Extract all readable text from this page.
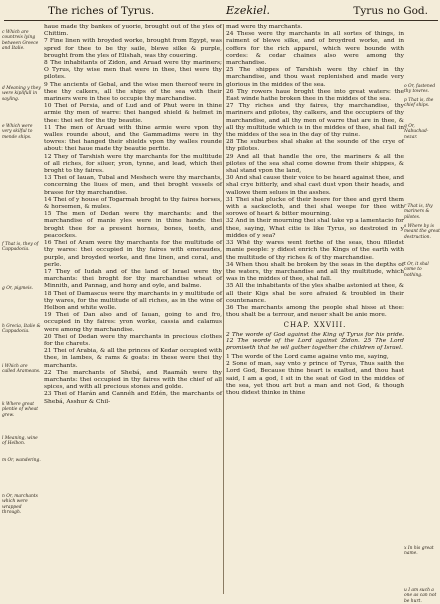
The riches of Tyrus.	Ezekiel.	Tyrus no God.
c Which are countreis lying between Greece and Italie.
d Meaning y they were kiplifull in sayling.
e Which were very skilful to mende ships.
f That is, they of Cappadocia.
g Or, pigmeis.
h Grecia, Italie & Cappadocia.
i Which are called Arameans.
k Where great plentie of wheat grew.
l Meaning, wine of Helbon.
m Or, wandering.
n Or, marchants which were wrapped through.

haue made thy bankes of yuorie, brought out of the yles of Chittim.

7 Fine linen with broyded worke, brought from Egypt, was spred for thee to be thy saile, blewe silke & purple, brought from the yles of Elishah, was thy couering.

8 The inhabitants of Zidon, and Aruad were thy mariners; O Tyrus, thy wise men that were in thee, thei were thy pilotes.

9 The ancients of Gebal, and the wise men thereof were in thee thy calkers, all the ships of the sea with their mariners were in thee to occupie thy marchandise.

10 Thei of Persia, and of Lud and of Phut were in thine armie thy men of warre: thei hanged shield & helmet in thee: thei set for the thy beautie.

11 The men of Aruad with thine armie were vpon thy walles rounde about, and the Gammadims were in thy towres: thei hanged their shields vpon thy walles rounde about: thei haue made thy beautie perfite.

12 They of Tarshish were thy marchants for the multitude of all riches, for siluer, yron, tynne, and lead, which thei broght to thy faires.

13 Thei of Iauan, Tubal and Meshech were thy marchants, concerning the liues of men, and thei broght vessels of brasse for thy marchandise.

14 Thei of y house of Togarmah broght to thy faires horses, & horsemen, & mules.

15 The men of Dedan were thy marchants: and the marchandise of manie yles were in thine hands: thei broght thee for a present hornes, bones, teeth, and peacockes.

16 Thei of Aram were thy marchants for the multitude of thy wares: thei occupied in thy faires with emeraudes, purple, and broyded worke, and fine linen, and coral, and perle.

17 They of Iudah and of the land of Israel were thy marchants: thei broght for thy marchandise wheat of Minnith, and Pannag, and hony and oyle, and balme.

18 Thei of Damascus were thy marchants in y multitude of thy wares, for the multitude of all riches, as in the wine of Helbon and white wolle.

19 Thei of Dan also and of Iauan, going to and fro, occupied in thy faires: yron worke, cassia and calamus were among thy marchandise.

20 Thei of Dedan were thy marchants in precious clothes for the charets.

21 Thei of Arabia, & all the princes of Kedar occupied with thee, in lambes, & rams & goats: in these were thei thy marchants.

22 The marchants of Shebá, and Raamáh were thy marchants: thei occupied in thy faires with the chief of all spices, and with all precious stones and golde.

23 Thei of Harán and Cannéh and Edén, the marchants of Shebá, Asshur & Chil-

mad were thy marchants.

24 These were thy marchants in all sortes of things, in raiment of blewe silke, and of broydred worke, and in coffers for the rich apparel, which were bounde with cordes: & cedar chaines also were among thy marchandise.

25 The shippes of Tarshish were thy chief in thy marchandise, and thou wast replenished and made very glorious in the middes of the sea.

26 Thy rowers haue broght thee into great waters: the East winde hathe broken thee in the middes of the sea.

27 Thy riches and thy faires, thy marchandise, thy mariners and pilotes, thy calkers, and the occupiers of thy marchandise, and all thy men of warre that are in thee, & all thy multitude which is in the middes of thee, shal fall in the middes of the sea in the day of thy ruine.

28 The suburbes shal shake at the sounde of the crye of thy pilotes.

29 And all that handle the ore, the mariners & all the pilotes of the sea shal come downe from their shippes, & shal stand vpon the land,

30 And shal cause their voice to be heard against thee, and shal crye bitterly, and shal cast dust vpon their heads, and wallowe them selues in the asshes.

31 Thei shal plucke of their heere for thee and gyrd them with a sackecloth, and thei shal weepe for thee with sorowe of heart & bitter mourning.

32 And in their mourning thei shal take vp a lamentacio for thee, saying, What citie is like Tyrus, so destroied in y middes of y sea?

33 Whē thy wares went forthe of the seas, thou filledst manie people: y didest enrich the Kings of the earth with the multitude of thy riches & of thy marchandise.

34 When thou shalt be broken by the seas in the depths of the waters, thy marchandise and all thy multitude, which was in the middes of thee, shal fall.

35 All the inhabitants of the yles shalbe astonied at thee, & all their Kigs shal be sore afraied & troubled in their countenance.

36 The marchants among the people shal hisse at thee: thou shalt be a terrour, and neuer shalt be anie more.

CHAP. XXVIII.

2 The worde of God against the King of Tyrus for his pride. 12 The worde of the Lord against Zidon. 25 The Lord promiseth that he wil gather together the children of Israel.

1 The worde of the Lord came againe vnto me, saying,

2 Sone of man, say vnto y prince of Tyrus, Thus saith the Lord God, Because thine heart is exalted, and thou hast said, I am a god, I sit in the seat of God in the middes of the sea, yet thou art but a man and not God, & though thou didest thinke in thine

o Or, fastened thy towres.
p That is, the chief ships.
q Or, Nabuchad-nezar.
r That is, thy mariners & pilotes.
s Where by is meant the great destruction.
t Or, it shal come to nothing.
u I am such a one as can not be hurt.
x In his great name.
